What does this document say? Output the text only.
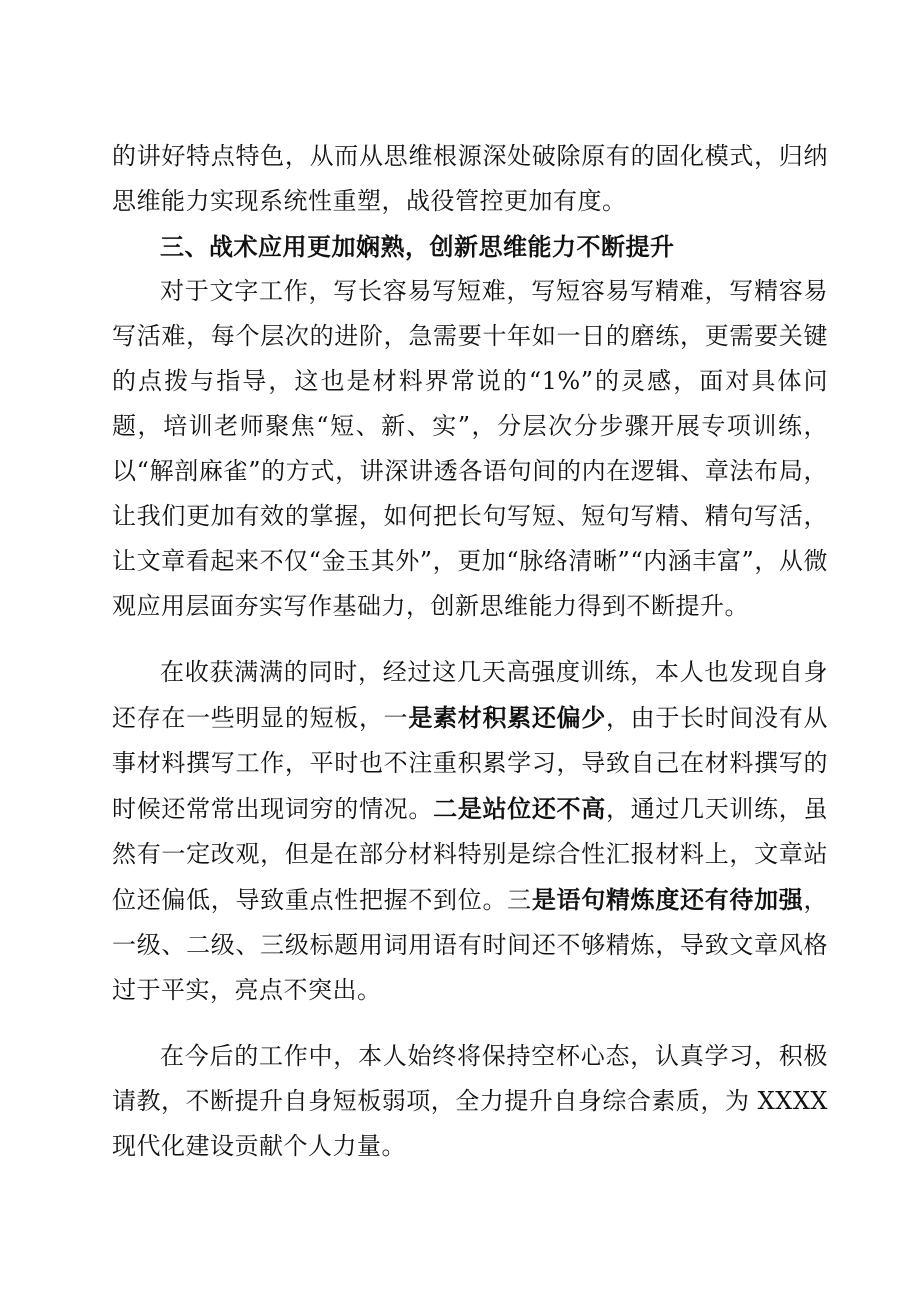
的讲好特点特色，从而从思维根源深处破除原有的固化模式，归纳思维能力实现系统性重塑，战役管控更加有度。

三、战术应用更加娴熟，创新思维能力不断提升

对于文字工作，写长容易写短难，写短容易写精难，写精容易写活难，每个层次的进阶，急需要十年如一日的磨练，更需要关键的点拨与指导，这也是材料界常说的“1%”的灵感，面对具体问题，培训老师聚焦“短、新、实”，分层次分步骤开展专项训练，以“解剖麻雀”的方式，讲深讲透各语句间的内在逻辑、章法布局，让我们更加有效的掌握，如何把长句写短、短句写精、精句写活，让文章看起来不仅“金玉其外”，更加“脉络清晰”“内涵丰富”，从微观应用层面夯实写作基础力，创新思维能力得到不断提升。

在收获满满的同时，经过这几天高强度训练，本人也发现自身还存在一些明显的短板，一是素材积累还偏少，由于长时间没有从事材料撰写工作，平时也不注重积累学习，导致自己在材料撰写的时候还常常出现词穷的情况。二是站位还不高，通过几天训练，虽然有一定改观，但是在部分材料特别是综合性汇报材料上，文章站位还偏低，导致重点性把握不到位。三是语句精炼度还有待加强，一级、二级、三级标题用词用语有时间还不够精炼，导致文章风格过于平实，亮点不突出。

在今后的工作中，本人始终将保持空杯心态，认真学习，积极请教，不断提升自身短板弱项，全力提升自身综合素质，为 XXXX 现代化建设贡献个人力量。
